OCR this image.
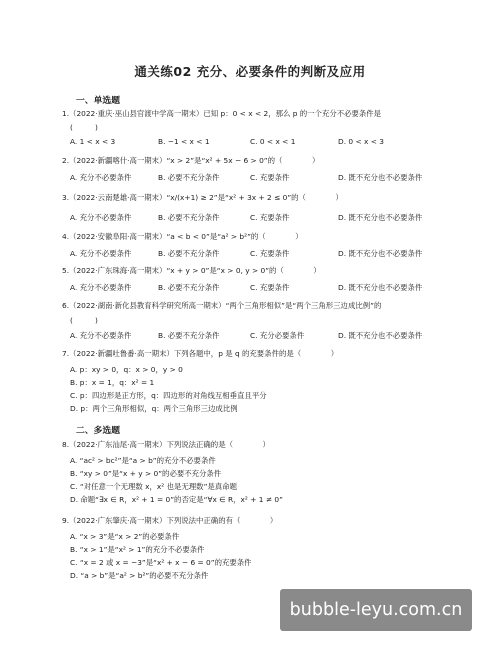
通关练02 充分、必要条件的判断及应用
一、单选题
1.（2022·重庆·巫山县官渡中学高一期末）已知 p：0 < x < 2，那么 p 的一个充分不必要条件是
(　　　)
A. 1 < x < 3	B. −1 < x < 1	C. 0 < x < 1	D. 0 < x < 3
2.（2022·新疆喀什·高一期末）“x > 2”是“x² + 5x − 6 > 0”的（　　　　）
A. 充分不必要条件	B. 必要不充分条件	C. 充要条件	D. 既不充分也不必要条件
3.（2022·云南楚雄·高一期末）“x/(x+1) ≥ 2”是“x² + 3x + 2 ≤ 0”的（　　　　）
A. 充分不必要条件	B. 必要不充分条件	C. 充要条件	D. 既不充分也不必要条件
4.（2022·安徽阜阳·高一期末）“a < b < 0”是“a² > b²”的（　　　　）
A. 充分不必要条件	B. 必要不充分条件	C. 充要条件	D. 既不充分也不必要条件
5.（2022·广东珠海·高一期末）“x + y > 0”是“x > 0, y > 0”的（　　　　）
A. 充分不必要条件	B. 必要不充分条件	C. 充要条件	D. 既不充分也不必要条件
6.（2022·湖南·新化县教育科学研究所高一期末）“两个三角形相似”是“两个三角形三边成比例”的
(　　　)
A. 充分不必要条件	B. 必要不充分条件	C. 充分必要条件	D. 既不充分也不必要条件
7.（2022·新疆吐鲁番·高一期末）下列各题中，p 是 q 的充要条件的是（　　　　）
A. p：xy > 0，q：x > 0，y > 0
B. p：x = 1，q：x² = 1
C. p：四边形是正方形，q：四边形的对角线互相垂直且平分
D. p：两个三角形相似，q：两个三角形三边成比例
二、多选题
8.（2022·广东汕尾·高一期末）下列说法正确的是（　　　　）
A. “ac² > bc²”是“a > b”的充分不必要条件
B. “xy > 0”是“x + y > 0”的必要不充分条件
C. “对任意一个无理数 x，x² 也是无理数”是真命题
D. 命题“∃x ∈ R，x² + 1 = 0”的否定是“∀x ∈ R，x² + 1 ≠ 0”
9.（2022·广东肇庆·高一期末）下列说法中正确的有（　　　　）
A. “x > 3”是“x > 2”的必要条件
B. “x > 1”是“x² > 1”的充分不必要条件
C. “x = 2 或 x = −3”是“x² + x − 6 = 0”的充要条件
D. “a > b”是“a² > b²”的必要不充分条件
bubble-leyu.com.cn
